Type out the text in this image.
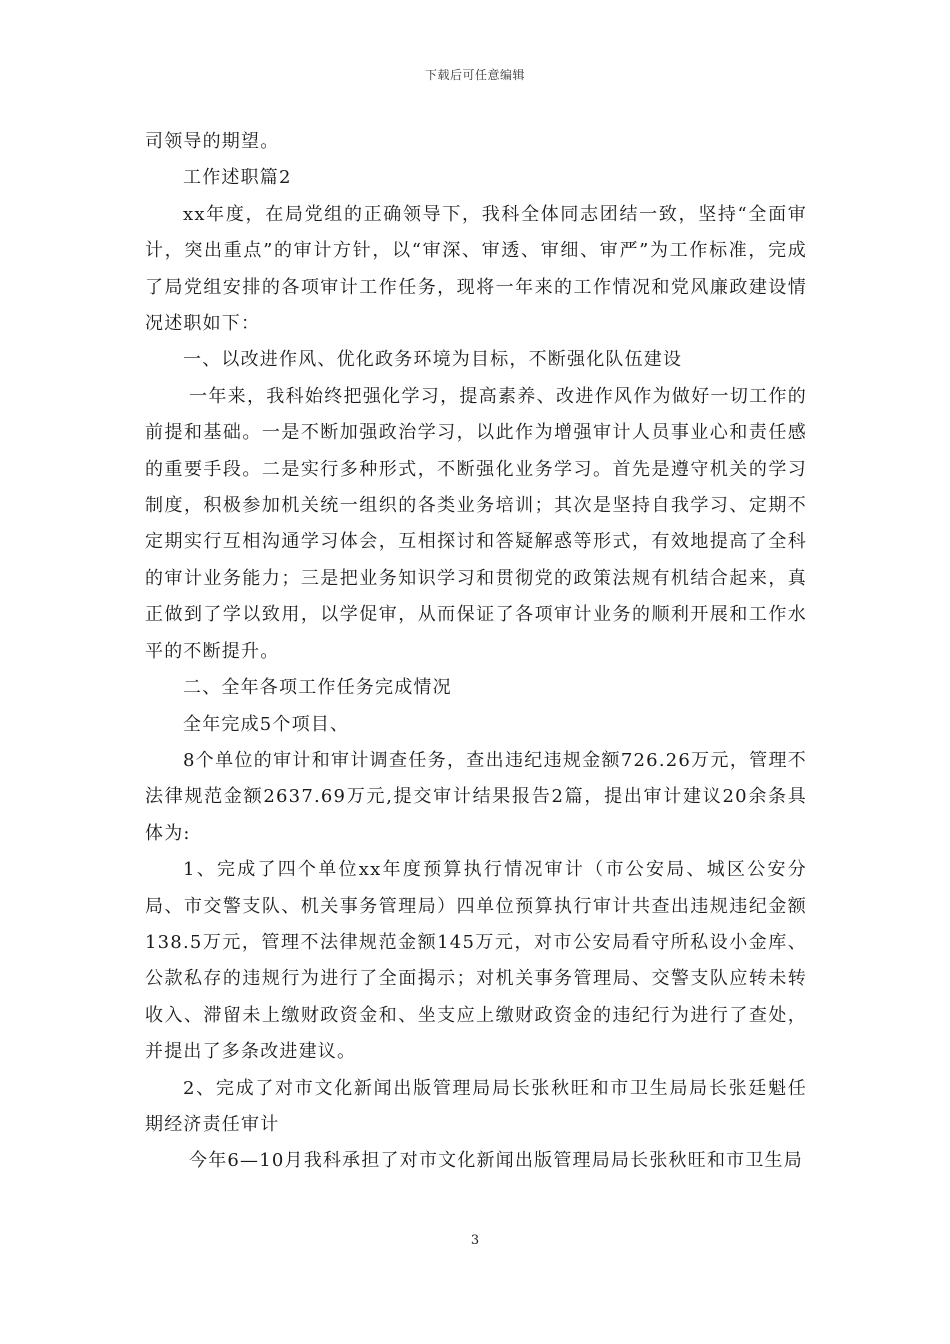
下载后可任意编辑

司领导的期望。

工作述职篇2

xx年度，在局党组的正确领导下，我科全体同志团结一致，坚持“全面审计，突出重点”的审计方针，以“审深、审透、审细、审严”为工作标准，完成了局党组安排的各项审计工作任务，现将一年来的工作情况和党风廉政建设情况述职如下：

一、以改进作风、优化政务环境为目标，不断强化队伍建设

一年来，我科始终把强化学习，提高素养、改进作风作为做好一切工作的前提和基础。一是不断加强政治学习，以此作为增强审计人员事业心和责任感的重要手段。二是实行多种形式，不断强化业务学习。首先是遵守机关的学习制度，积极参加机关统一组织的各类业务培训；其次是坚持自我学习、定期不定期实行互相沟通学习体会，互相探讨和答疑解惑等形式，有效地提高了全科的审计业务能力；三是把业务知识学习和贯彻党的政策法规有机结合起来，真正做到了学以致用，以学促审，从而保证了各项审计业务的顺利开展和工作水平的不断提升。

二、全年各项工作任务完成情况

全年完成5个项目、

8个单位的审计和审计调查任务，查出违纪违规金额726.26万元，管理不法律规范金额2637.69万元,提交审计结果报告2篇，提出审计建议20余条具体为:

1、完成了四个单位xx年度预算执行情况审计（市公安局、城区公安分局、市交警支队、机关事务管理局）四单位预算执行审计共查出违规违纪金额138.5万元，管理不法律规范金额145万元，对市公安局看守所私设小金库、公款私存的违规行为进行了全面揭示；对机关事务管理局、交警支队应转未转收入、滞留未上缴财政资金和、坐支应上缴财政资金的违纪行为进行了查处，并提出了多条改进建议。

2、完成了对市文化新闻出版管理局局长张秋旺和市卫生局局长张廷魁任期经济责任审计

今年6—10月我科承担了对市文化新闻出版管理局局长张秋旺和市卫生局

3
